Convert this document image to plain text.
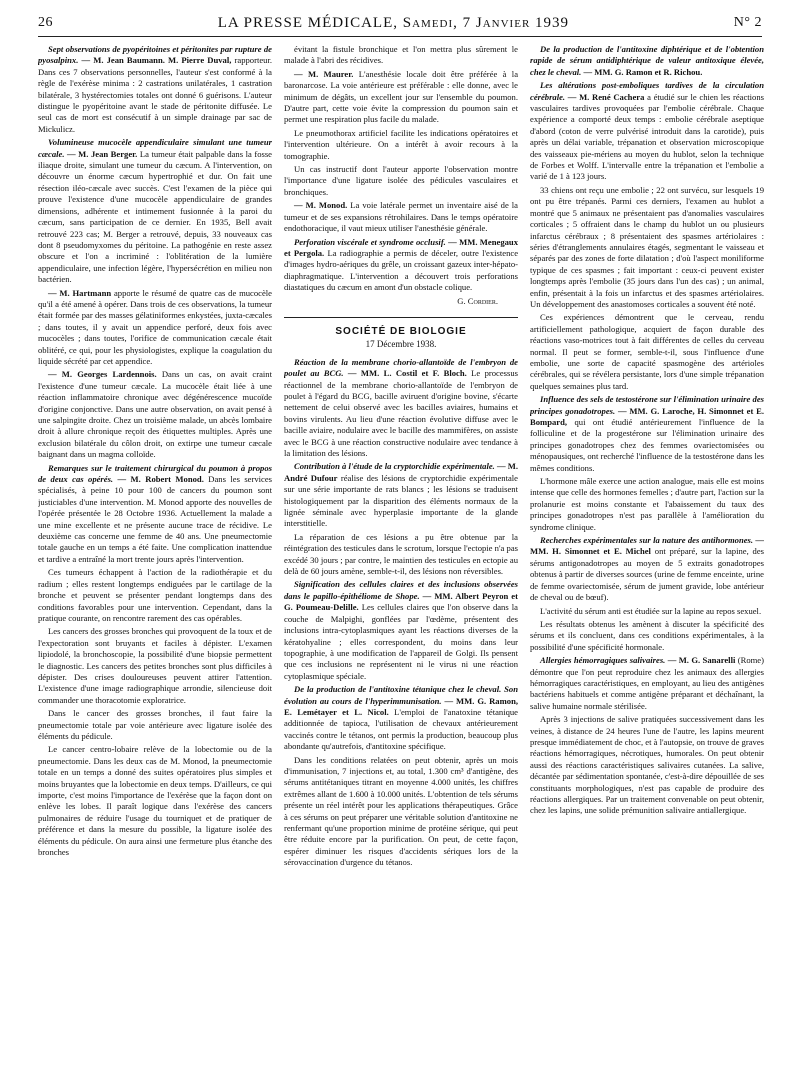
26	LA PRESSE MÉDICALE, Samedi, 7 Janvier 1939	N° 2

Sept observations de pyopéritoines et péritonites par rupture de pyosalpinx. — M. Jean Baumann. M. Pierre Duval, rapporteur. Dans ces 7 observations personnelles, l'auteur s'est conformé à la règle de l'exérèse minima : 2 castrations unilatérales, 1 castration bilatérale, 3 hystérectomies totales ont donné 6 guérisons. L'auteur distingue le pyopéritoine avant le stade de péritonite diffusée. Le seul cas de mort est consécutif à un simple drainage par sac de Mickulicz.

Volumineuse mucocèle appendiculaire simulant une tumeur cæcale. — M. Jean Berger. La tumeur était palpable dans la fosse iliaque droite, simulant une tumeur du cæcum. A l'intervention, on découvre un énorme cæcum hypertrophié et dur. On fait une résection iléo-cæcale avec succès. C'est l'examen de la pièce qui prouve l'existence d'une mucocèle appendiculaire de grandes dimensions, adhérente et intimement fusionnée à la paroi du cæcum, sans participation de ce dernier. En 1935, Bell avait retrouvé 223 cas; M. Berger a retrouvé, depuis, 33 nouveaux cas dont 8 pseudomyxomes du péritoine. La pathogénie en reste assez obscure et l'on a incriminé : l'oblitération de la lumière appendiculaire, une infection légère, l'hypersécrétion en milieu non bactérien.

— M. Hartmann apporte le résumé de quatre cas de mucocèle qu'il a été amené à opérer. Dans trois de ces observations, la tumeur était formée par des masses gélatiniformes enkystées, juxta-cæcales ; dans toutes, il y avait un appendice perforé, deux fois avec mucocèles ; dans toutes, l'orifice de communication cæcale était oblitéré, ce qui, pour les physiologistes, explique la coagulation du liquide sécrété par cet appendice.

— M. Georges Lardennois. Dans un cas, on avait craint l'existence d'une tumeur cæcale. La mucocèle était liée à une réaction inflammatoire chronique avec dégénérescence mucoïde d'origine conjonctive. Dans une autre observation, on avait pensé à une salpingite droite. Chez un troisième malade, un abcès lombaire droit à allure chronique reçoit des étiquettes multiples. Après une exclusion bilatérale du côlon droit, on extirpe une tumeur cæcale baignant dans un magma colloïde.

Remarques sur le traitement chirurgical du poumon à propos de deux cas opérés. — M. Robert Monod. Dans les services spécialisés, à peine 10 pour 100 de cancers du poumon sont justiciables d'une intervention. M. Monod apporte des nouvelles de l'opérée présentée le 28 Octobre 1936. Actuellement la malade a une mine excellente et ne présente aucune trace de récidive. Le deuxième cas concerne une femme de 40 ans. Une pneumectomie totale gauche en un temps a été faite. Une complication inattendue et tardive a entraîné la mort trente jours après l'intervention.

Ces tumeurs échappent à l'action de la radiothérapie et du radium ; elles restent longtemps endiguées par le cartilage de la bronche et peuvent se présenter pendant longtemps dans des conditions favorables pour une intervention. Cependant, dans la pratique courante, on rencontre rarement des cas opérables.

Les cancers des grosses bronches qui provoquent de la toux et de l'expectoration sont bruyants et faciles à dépister. L'examen lipiodolé, la bronchoscopie, la possibilité d'une biopsie permettent le diagnostic. Les cancers des petites bronches sont plus difficiles à dépister. Des crises douloureuses peuvent attirer l'attention. L'existence d'une image radiographique arrondie, silencieuse doit commander une thoracotomie exploratrice.

Dans le cancer des grosses bronches, il faut faire la pneumectomie totale par voie antérieure avec ligature isolée des éléments du pédicule.

Le cancer centro-lobaire relève de la lobectomie ou de la pneumectomie. Dans les deux cas de M. Monod, la pneumectomie totale en un temps a donné des suites opératoires plus simples et moins bruyantes que la lobectomie en deux temps. D'ailleurs, ce qui importe, c'est moins l'importance de l'exérèse que la façon dont on enlève les lobes. Il paraît logique dans l'exérèse des cancers pulmonaires de réduire l'usage du tourniquet et de pratiquer de préférence et dans la mesure du possible, la ligature isolée des éléments du pédicule. On aura ainsi une fermeture plus étanche des bronches

évitant la fistule bronchique et l'on mettra plus sûrement le malade à l'abri des récidives.

— M. Maurer. L'anesthésie locale doit être préférée à la baronarcose. La voie antérieure est préférable : elle donne, avec le minimum de dégâts, un excellent jour sur l'ensemble du poumon. D'autre part, cette voie évite la compression du poumon sain et permet une respiration plus facile du malade.

Le pneumothorax artificiel facilite les indications opératoires et l'intervention ultérieure. On a intérêt à avoir recours à la tomographie.

Un cas instructif dont l'auteur apporte l'observation montre l'importance d'une ligature isolée des pédicules vasculaires et bronchiques.

— M. Monod. La voie latérale permet un inventaire aisé de la tumeur et de ses expansions rétrohilaires. Dans le temps opératoire endothoracique, il vaut mieux utiliser l'anesthésie générale.

Perforation viscérale et syndrome occlusif. — MM. Menegaux et Pergola. La radiographie a permis de déceler, outre l'existence d'images hydro-aériques du grêle, un croissant gazeux inter-hépato-diaphragmatique. L'intervention a découvert trois perforations diastatiques du cæcum en amont d'un obstacle colique.

G. Cordier.
SOCIÉTÉ DE BIOLOGIE
17 Décembre 1938.

Réaction de la membrane chorio-allantoïde de l'embryon de poulet au BCG. — MM. L. Costil et F. Bloch. Le processus réactionnel de la membrane chorio-allantoïde de l'embryon de poulet à l'égard du BCG, bacille aviruent d'origine bovine, s'écarte nettement de celui observé avec les bacilles aviaires, humains et bovins virulents. Au lieu d'une réaction évolutive diffuse avec le bacille aviaire, nodulaire avec le bacille des mammifères, on assiste avec le BCG à une réaction constructive nodulaire avec tendance à la limitation des lésions.

Contribution à l'étude de la cryptorchidie expérimentale. — M. André Dufour réalise des lésions de cryptorchidie expérimentale sur une série importante de rats blancs ; les lésions se traduisent histologiquement par la disparition des éléments normaux de la lignée séminale avec hyperplasie importante de la glande interstitielle.

La réparation de ces lésions a pu être obtenue par la réintégration des testicules dans le scrotum, lorsque l'ectopie n'a pas excédé 30 jours ; par contre, le maintien des testicules en ectopie au delà de 60 jours amène, semble-t-il, des lésions non réversibles.

Signification des cellules claires et des inclusions observées dans le papillo-épithéliome de Shope. — MM. Albert Peyron et G. Poumeau-Delille. Les cellules claires que l'on observe dans la couche de Malpighi, gonflées par l'œdème, présentent des inclusions intra-cytoplasmiques ayant les réactions diverses de la kératohyaline ; elles correspondent, du moins dans leur topographie, à une modification de l'appareil de Golgi. Ils pensent que ces inclusions ne représentent ni le virus ni une réaction cytoplasmique spéciale.

De la production de l'antitoxine tétanique chez le cheval. Son évolution au cours de l'hyperimmunisation. — MM. G. Ramon, E. Lemétayer et L. Nicol. L'emploi de l'anatoxine tétanique additionnée de tapioca, l'utilisation de chevaux antérieurement vaccinés contre le tétanos, ont permis la production, beaucoup plus abondante qu'autrefois, d'antitoxine spécifique.

Dans les conditions relatées on peut obtenir, après un mois d'immunisation, 7 injections et, au total, 1.300 cm³ d'antigène, des sérums antitétaniques titrant en moyenne 4.000 unités, les chiffres extrêmes allant de 1.600 à 10.000 unités. L'obtention de tels sérums présente un réel intérêt pour les applications thérapeutiques. Grâce à ces sérums on peut préparer une véritable solution d'antitoxine ne renfermant qu'une proportion minime de protéine sérique, qui peut être réduite encore par la purification. On peut, de cette façon, espérer diminuer les risques d'accidents sériques lors de la sérovaccination d'urgence du tétanos.

De la production de l'antitoxine diphtérique et de l'obtention rapide de sérum antidiphtérique de valeur antitoxique élevée, chez le cheval. — MM. G. Ramon et R. Richou.

Les altérations post-emboliques tardives de la circulation cérébrale. — M. René Cachera a étudié sur le chien les réactions vasculaires tardives provoquées par l'embolie cérébrale. Chaque expérience a comporté deux temps : embolie cérébrale aseptique d'abord (coton de verre pulvérisé introduit dans la carotide), puis après un délai variable, trépanation et observation microscopique des vaisseaux pie-mériens au moyen du hublot, selon la technique de Forbes et Wolff. L'intervalle entre la trépanation et l'embolie a varié de 1 à 123 jours.

33 chiens ont reçu une embolie ; 22 ont survécu, sur lesquels 19 ont pu être trépanés. Parmi ces derniers, l'examen au hublot a montré que 5 animaux ne présentaient pas d'anomalies vasculaires corticales ; 5 offraient dans le champ du hublot un ou plusieurs infarctus cérébraux ; 8 présentaient des spasmes artériolaires : séries d'étranglements annulaires étagés, segmentant le vaisseau et séparés par des zones de forte dilatation ; d'où l'aspect moniliforme typique de ces spasmes ; fait important : ceux-ci peuvent exister longtemps après l'embolie (35 jours dans l'un des cas) ; un animal, enfin, présentait à la fois un infarctus et des spasmes artériolaires. Un développement des anastomoses corticales a souvent été noté.

Ces expériences démontrent que le cerveau, rendu artificiellement pathologique, acquiert de façon durable des réactions vaso-motrices tout à fait différentes de celles du cerveau normal. Il peut se former, semble-t-il, sous l'influence d'une embolie, une sorte de capacité spasmogène des artérioles cérébrales, qui se révélera persistante, lors d'une simple trépanation quelques semaines plus tard.

Influence des sels de testostérone sur l'élimination urinaire des principes gonadotropes. — MM. G. Laroche, H. Simonnet et E. Bompard, qui ont étudié antérieurement l'influence de la folliculine et de la progestérone sur l'élimination urinaire des principes gonadotropes chez des femmes ovariectomisées ou ménopausiques, ont recherché l'influence de la testostérone dans les mêmes conditions.

L'hormone mâle exerce une action analogue, mais elle est moins intense que celle des hormones femelles ; d'autre part, l'action sur la prolanurie est moins constante et l'abaissement du taux des principes gonadotropes n'est pas parallèle à l'amélioration du syndrome clinique.

Recherches expérimentales sur la nature des antihormones. — MM. H. Simonnet et E. Michel ont préparé, sur la lapine, des sérums antigonadotropes au moyen de 5 extraits gonadotropes obtenus à partir de diverses sources (urine de femme enceinte, urine de femme ovariectomisée, sérum de jument gravide, lobe antérieur de cheval ou de bœuf).

L'activité du sérum anti est étudiée sur la lapine au repos sexuel.

Les résultats obtenus les amènent à discuter la spécificité des sérums et ils concluent, dans ces conditions expérimentales, à la possibilité d'une spécificité hormonale.

Allergies hémorragiques salivaires. — M. G. Sanarelli (Rome) démontre que l'on peut reproduire chez les animaux des allergies hémorragiques caractéristiques, en employant, au lieu des antigènes bactériens habituels et comme antigène préparant et déchaînant, la salive humaine normale stérilisée.

Après 3 injections de salive pratiquées successivement dans les veines, à distance de 24 heures l'une de l'autre, les lapins meurent presque immédiatement de choc, et à l'autopsie, on trouve de graves réactions hémorragiques, nécrotiques, humorales. On peut obtenir aussi des réactions caractéristiques salivaires cutanées. La salive, décantée par sédimentation spontanée, c'est-à-dire dépouillée de ses constituants morphologiques, n'est pas capable de produire des réactions allergiques. Par un traitement convenable on peut obtenir, chez les lapins, une solide prémunition salivaire antiallergique.
